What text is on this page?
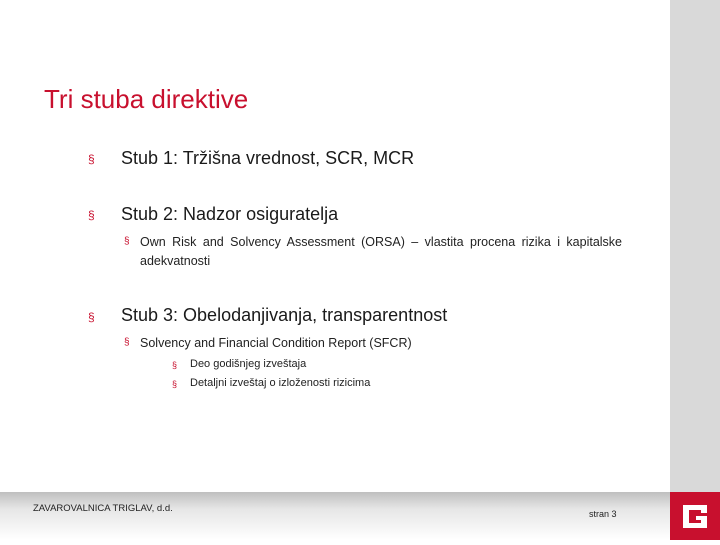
Tri stuba direktive
§ Stub 1: Tržišna vrednost, SCR, MCR
§ Stub 2: Nadzor osiguratelja
§ Own Risk and Solvency Assessment (ORSA) – vlastita procena rizika i kapitalske adekvatnosti
§ Stub 3: Obelodanjivanja, transparentnost
§ Solvency and Financial Condition Report (SFCR)
§ Deo godišnjeg izveštaja
§ Detaljni izveštaj o izloženosti rizicima
ZAVAROVALNICA TRIGLAV, d.d.	stran 3
